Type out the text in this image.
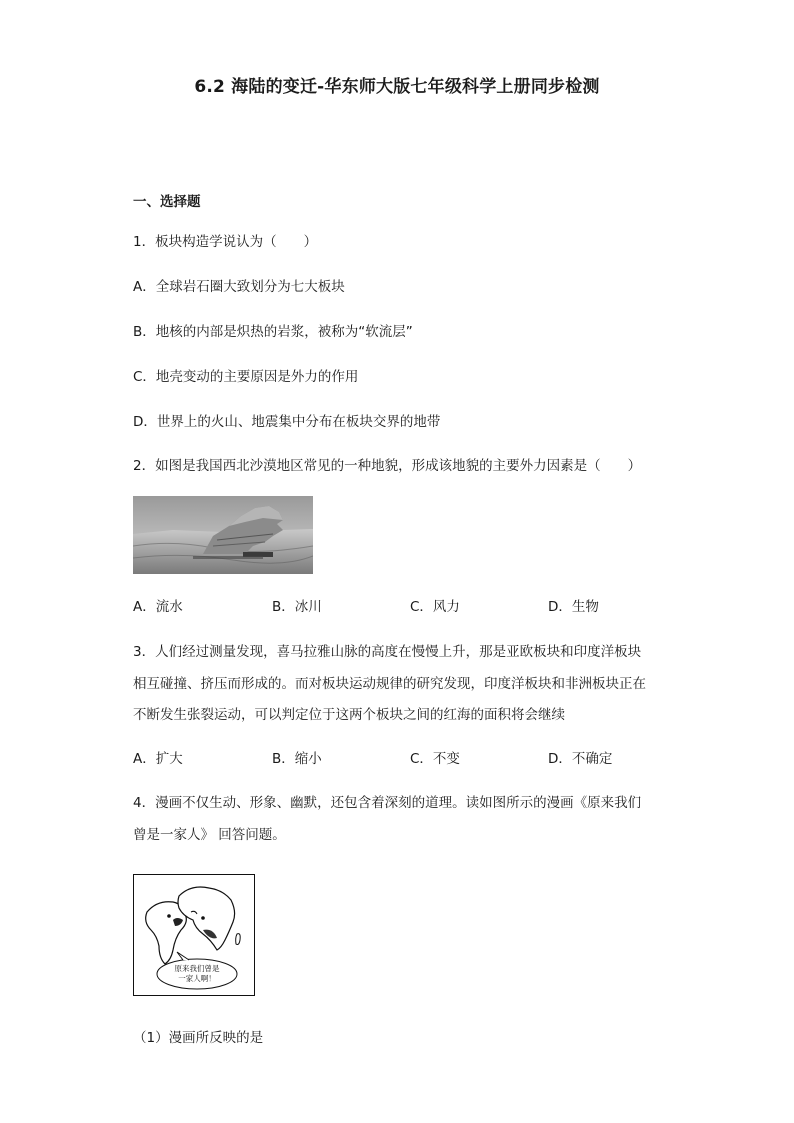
6.2 海陆的变迁-华东师大版七年级科学上册同步检测
一、选择题
1．板块构造学说认为（　　）
A．全球岩石圈大致划分为七大板块
B．地核的内部是炽热的岩浆，被称为“软流层”
C．地壳变动的主要原因是外力的作用
D．世界上的火山、地震集中分布在板块交界的地带
2．如图是我国西北沙漠地区常见的一种地貌，形成该地貌的主要外力因素是（　　）
A．流水	B．冰川	C．风力	D．生物
3．人们经过测量发现，喜马拉雅山脉的高度在慢慢上升，那是亚欧板块和印度洋板块
相互碰撞、挤压而形成的。而对板块运动规律的研究发现，印度洋板块和非洲板块正在
不断发生张裂运动，可以判定位于这两个板块之间的红海的面积将会继续
A．扩大	B．缩小	C．不变	D．不确定
4．漫画不仅生动、形象、幽默，还包含着深刻的道理。读如图所示的漫画《原来我们
曾是一家人》 回答问题。
原来我们曾是
一家人啊！
（1）漫画所反映的是
